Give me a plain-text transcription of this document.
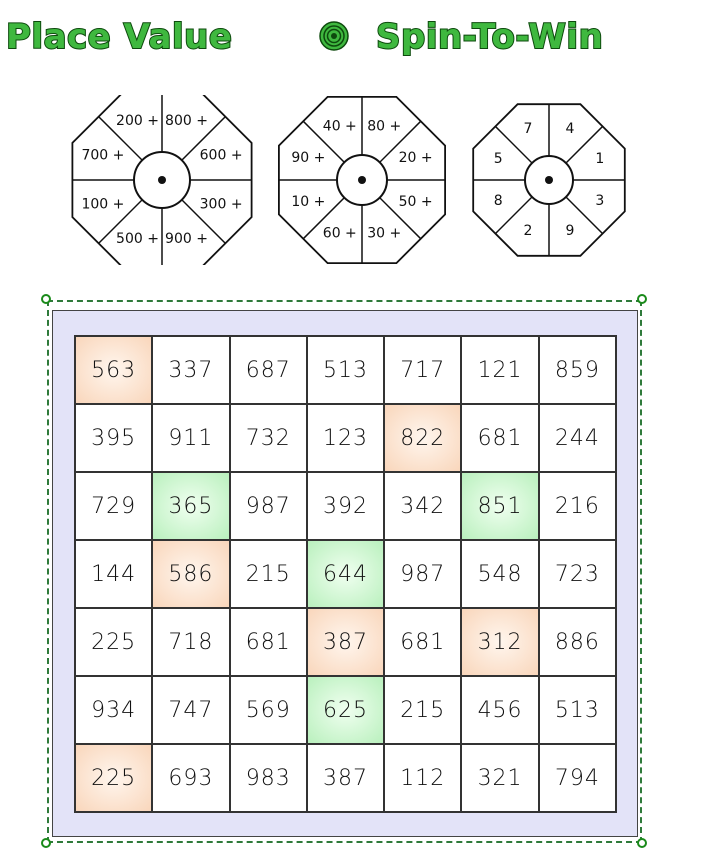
Place Value	Spin-To-Win
800 +
600 +
300 +
900 +
500 +
100 +
700 +
200 +	80 +
20 +
50 +
30 +
60 +
10 +
90 +
40 +	4
1
3
9
2
8
5
7
563	337	687	513	717	121	859
395	911	732	123	822	681	244
729	365	987	392	342	851	216
144	586	215	644	987	548	723
225	718	681	387	681	312	886
934	747	569	625	215	456	513
225	693	983	387	112	321	794
